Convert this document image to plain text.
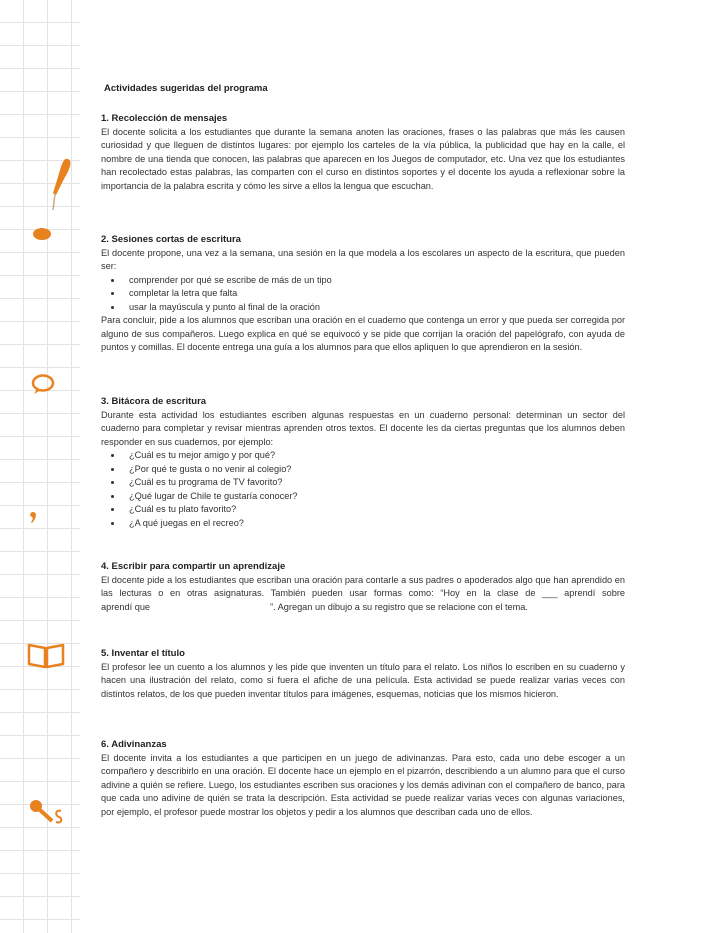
Actividades sugeridas del programa
1. Recolección de mensajes

El docente solicita a los estudiantes que durante la semana anoten las oraciones, frases o las palabras que más les causen curiosidad y que lleguen de distintos lugares: por ejemplo los carteles de la vía pública, la publicidad que hay en la calle, el nombre de una tienda que conocen, las palabras que aparecen en los Juegos de computador, etc. Una vez que los estudiantes han recolectado estas palabras, las comparten con el curso en distintos soportes y el docente los ayuda a reflexionar sobre la importancia de la palabra escrita y cómo les sirve a ellos la lengua que escuchan.

2. Sesiones cortas de escritura

El docente propone, una vez a la semana, una sesión en la que modela a los escolares un aspecto de la escritura, que pueden ser:

• comprender por qué se escribe de más de un tipo
• completar la letra que falta
• usar la mayúscula y punto al final de la oración

Para concluir, pide a los alumnos que escriban una oración en el cuaderno que contenga un error y que pueda ser corregida por alguno de sus compañeros. Luego explica en qué se equivocó y se pide que corrijan la oración del papelógrafo, con ayuda de puntos y comillas. El docente entrega una guía a los alumnos para que ellos apliquen lo que aprendieron en la sesión.

3. Bitácora de escritura

Durante esta actividad los estudiantes escriben algunas respuestas en un cuaderno personal: determinan un sector del cuaderno para completar y revisar mientras aprenden otros textos. El docente les da ciertas preguntas que los alumnos deben responder en sus cuadernos, por ejemplo:

• ¿Cuál es tu mejor amigo y por qué?
• ¿Por qué te gusta o no venir al colegio?
• ¿Cuál es tu programa de TV favorito?
• ¿Qué lugar de Chile te gustaría conocer?
• ¿Cuál es tu plato favorito?
• ¿A qué juegas en el recreo?
4. Escribir para compartir un aprendizaje

El docente pide a los estudiantes que escriban una oración para contarle a sus padres o apoderados algo que han aprendido en las lecturas o en otras asignaturas. También pueden usar formas como: “Hoy en la clase de ___ aprendí sobre                                aprendí que                                               ”. Agregan un dibujo a su registro que se relacione con el tema.

5. Inventar el título

El profesor lee un cuento a los alumnos y les pide que inventen un título para el relato. Los niños lo escriben en su cuaderno y hacen una ilustración del relato, como si fuera el afiche de una película. Esta actividad se puede realizar varias veces con distintos relatos, de los que pueden inventar títulos para imágenes, esquemas, noticias que los mismos hicieron.

6. Adivinanzas

El docente invita a los estudiantes a que participen en un juego de adivinanzas. Para esto, cada uno debe escoger a un compañero y describirlo en una oración. El docente hace un ejemplo en el pizarrón, describiendo a un alumno para que el curso adivine a quién se refiere. Luego, los estudiantes escriben sus oraciones y los demás adivinan con el compañero de banco, para que cada uno adivine de quién se trata la descripción. Esta actividad se puede realizar varias veces con algunas variaciones, por ejemplo, el profesor puede mostrar los objetos y pedir a los alumnos que describan cada uno de ellos.
